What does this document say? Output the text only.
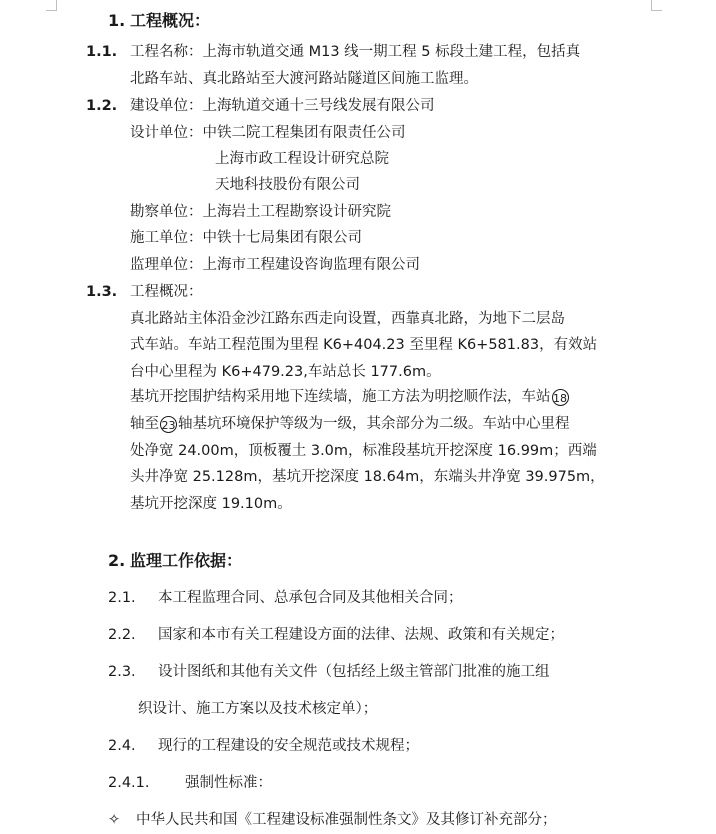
1. 工程概况：
1.1. 工程名称：上海市轨道交通 M13 线一期工程 5 标段土建工程，包括真
北路车站、真北路站至大渡河路站隧道区间施工监理。
1.2. 建设单位：上海轨道交通十三号线发展有限公司
设计单位：中铁二院工程集团有限责任公司
上海市政工程设计研究总院
天地科技股份有限公司
勘察单位：上海岩土工程勘察设计研究院
施工单位：中铁十七局集团有限公司
监理单位：上海市工程建设咨询监理有限公司
1.3. 工程概况：
真北路站主体沿金沙江路东西走向设置，西靠真北路，为地下二层岛
式车站。车站工程范围为里程 K6+404.23 至里程 K6+581.83，有效站
台中心里程为 K6+479.23,车站总长 177.6m。
基坑开挖围护结构采用地下连续墙，施工方法为明挖顺作法，车站 18
轴至 23 轴基坑环境保护等级为一级，其余部分为二级。车站中心里程
处净宽 24.00m，顶板覆土 3.0m，标准段基坑开挖深度 16.99m；西端
头井净宽 25.128m，基坑开挖深度 18.64m，东端头井净宽 39.975m，
基坑开挖深度 19.10m。
2. 监理工作依据：
2.1. 本工程监理合同、总承包合同及其他相关合同；
2.2. 国家和本市有关工程建设方面的法律、法规、政策和有关规定；
2.3. 设计图纸和其他有关文件（包括经上级主管部门批准的施工组
织设计、施工方案以及技术核定单）；
2.4. 现行的工程建设的安全规范或技术规程；
2.4.1. 强制性标准：
✧ 中华人民共和国《工程建设标准强制性条文》及其修订补充部分；
